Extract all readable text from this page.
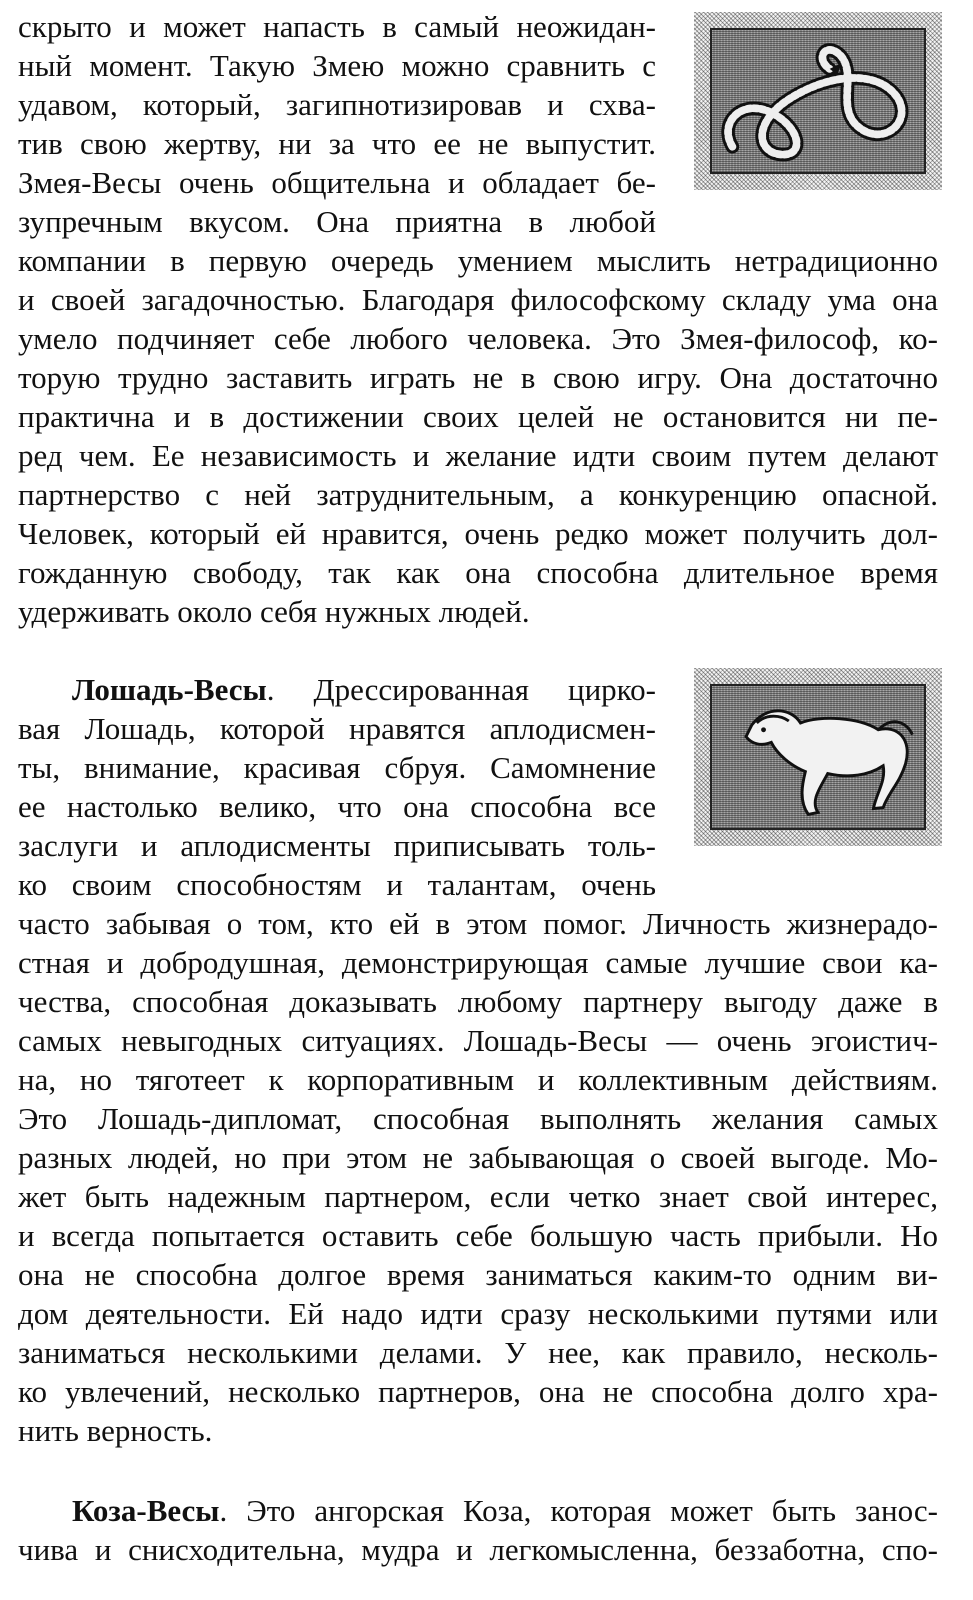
скрыто и может напасть в самый неожидан-
ный момент. Такую Змею можно сравнить с
удавом, который, загипнотизировав и схва-
тив свою жертву, ни за что ее не выпустит.
Змея-Весы очень общительна и обладает бе-
зупречным вкусом. Она приятна в любой
компании в первую очередь умением мыслить нетрадиционно
и своей загадочностью. Благодаря философскому складу ума она
умело подчиняет себе любого человека. Это Змея-философ, ко-
торую трудно заставить играть не в свою игру. Она достаточно
практична и в достижении своих целей не остановится ни пе-
ред чем. Ее независимость и желание идти своим путем делают
партнерство с ней затруднительным, а конкуренцию опасной.
Человек, который ей нравится, очень редко может получить дол-
гожданную свободу, так как она способна длительное время
удерживать около себя нужных людей.
Лошадь-Весы. Дрессированная цирко-
вая Лошадь, которой нравятся аплодисмен-
ты, внимание, красивая сбруя. Самомнение
ее настолько велико, что она способна все
заслуги и аплодисменты приписывать толь-
ко своим способностям и талантам, очень
часто забывая о том, кто ей в этом помог. Личность жизнерадо-
стная и добродушная, демонстрирующая самые лучшие свои ка-
чества, способная доказывать любому партнеру выгоду даже в
самых невыгодных ситуациях. Лошадь-Весы — очень эгоистич-
на, но тяготеет к корпоративным и коллективным действиям.
Это Лошадь-дипломат, способная выполнять желания самых
разных людей, но при этом не забывающая о своей выгоде. Мо-
жет быть надежным партнером, если четко знает свой интерес,
и всегда попытается оставить себе большую часть прибыли. Но
она не способна долгое время заниматься каким-то одним ви-
дом деятельности. Ей надо идти сразу несколькими путями или
заниматься несколькими делами. У нее, как правило, несколь-
ко увлечений, несколько партнеров, она не способна долго хра-
нить верность.
Коза-Весы. Это ангорская Коза, которая может быть занос-
чива и снисходительна, мудра и легкомысленна, беззаботна, спо-
